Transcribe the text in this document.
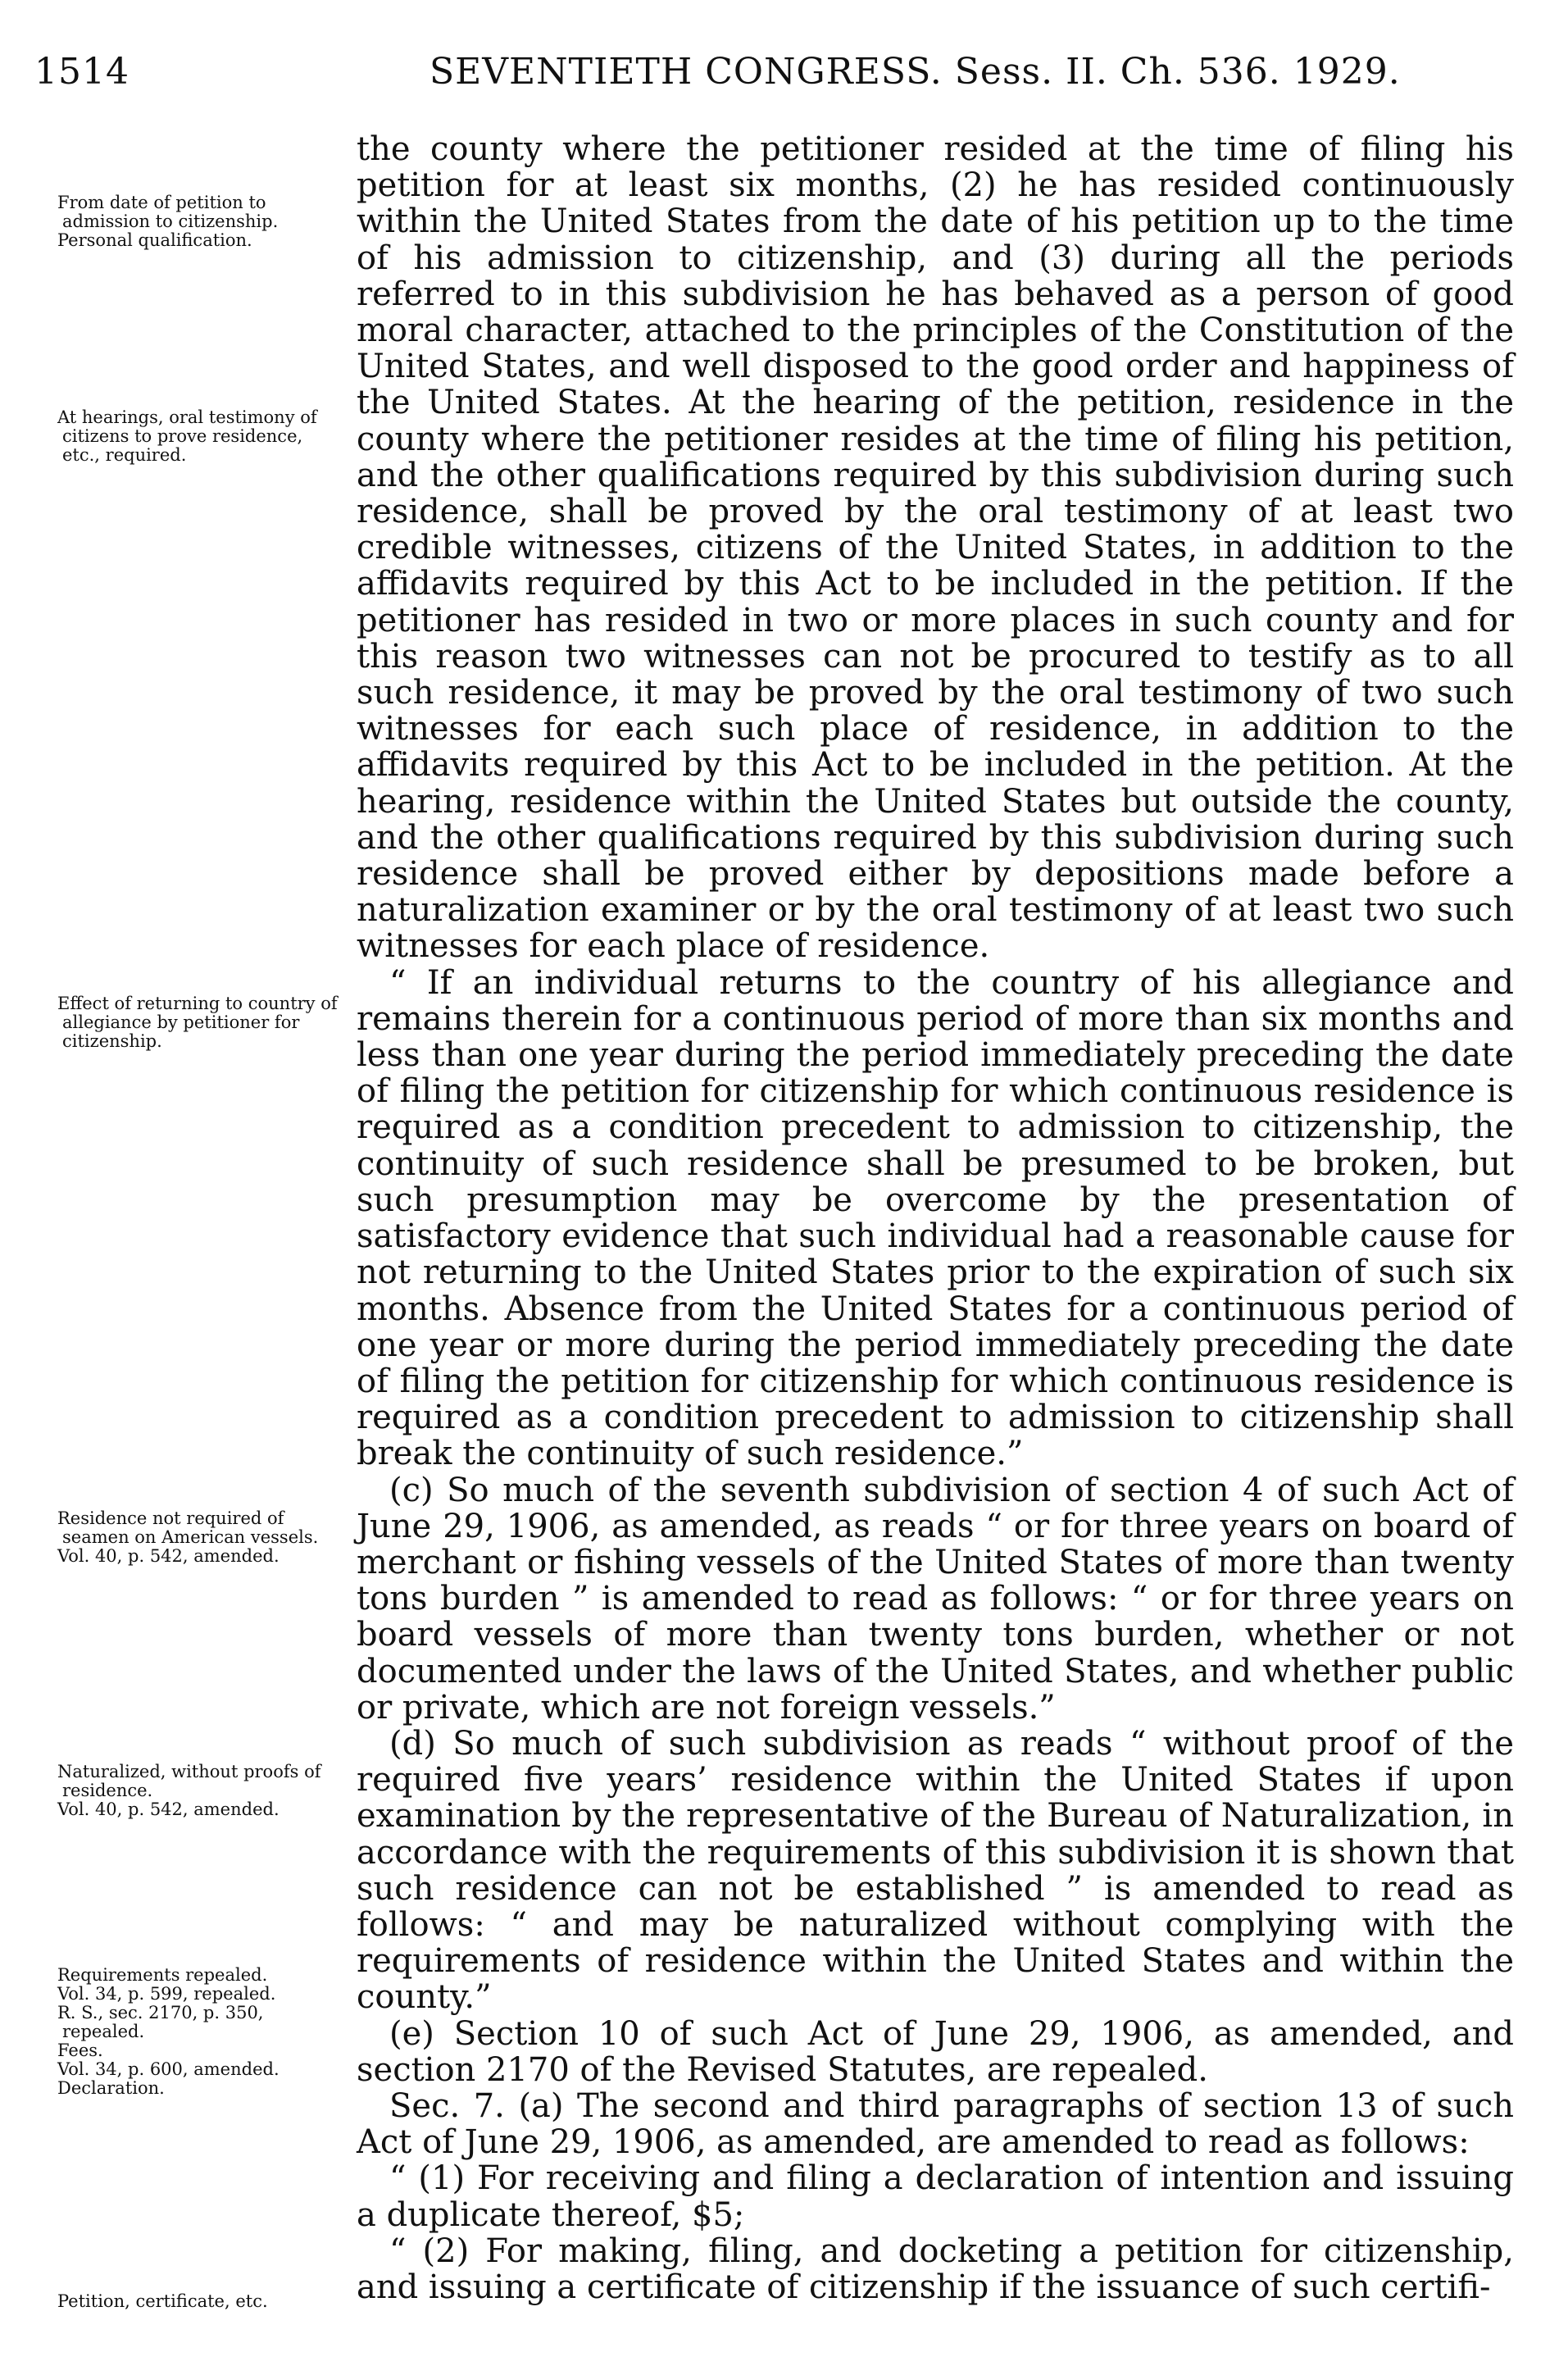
1514	SEVENTIETH CONGRESS. Sess. II. Ch. 536. 1929.
From date of petition to admission to citizenship.
Personal qualification.
At hearings, oral testimony of citizens to prove residence, etc., required.
Effect of returning to country of allegiance by petitioner for citizenship.
Residence not required of seamen on American vessels.
Vol. 40, p. 542, amended.
Naturalized, without proofs of residence.
Vol. 40, p. 542, amended.
Requirements repealed.
Vol. 34, p. 599, repealed.
R. S., sec. 2170, p. 350, repealed.
Fees.
Vol. 34, p. 600, amended.
Declaration.
Petition, certificate, etc.

the county where the petitioner resided at the time of filing his petition for at least six months, (2) he has resided continuously within the United States from the date of his petition up to the time of his admission to citizenship, and (3) during all the periods referred to in this subdivision he has behaved as a person of good moral character, attached to the principles of the Constitution of the United States, and well disposed to the good order and happiness of the United States. At the hearing of the petition, residence in the county where the petitioner resides at the time of filing his petition, and the other qualifications required by this subdivision during such residence, shall be proved by the oral testimony of at least two credible witnesses, citizens of the United States, in addition to the affidavits required by this Act to be included in the petition. If the petitioner has resided in two or more places in such county and for this reason two witnesses can not be procured to testify as to all such residence, it may be proved by the oral testimony of two such witnesses for each such place of residence, in addition to the affidavits required by this Act to be included in the petition. At the hearing, residence within the United States but outside the county, and the other qualifications required by this subdivision during such residence shall be proved either by depositions made before a naturalization examiner or by the oral testimony of at least two such witnesses for each place of residence.

“ If an individual returns to the country of his allegiance and remains therein for a continuous period of more than six months and less than one year during the period immediately preceding the date of filing the petition for citizenship for which continuous residence is required as a condition precedent to admission to citizenship, the continuity of such residence shall be presumed to be broken, but such presumption may be overcome by the presentation of satisfactory evidence that such individual had a reasonable cause for not returning to the United States prior to the expiration of such six months. Absence from the United States for a continuous period of one year or more during the period immediately preceding the date of filing the petition for citizenship for which continuous residence is required as a condition precedent to admission to citizenship shall break the continuity of such residence.”

(c) So much of the seventh subdivision of section 4 of such Act of June 29, 1906, as amended, as reads “ or for three years on board of merchant or fishing vessels of the United States of more than twenty tons burden ” is amended to read as follows: “ or for three years on board vessels of more than twenty tons burden, whether or not documented under the laws of the United States, and whether public or private, which are not foreign vessels.”

(d) So much of such subdivision as reads “ without proof of the required five years’ residence within the United States if upon examination by the representative of the Bureau of Naturalization, in accordance with the requirements of this subdivision it is shown that such residence can not be established ” is amended to read as follows: “ and may be naturalized without complying with the requirements of residence within the United States and within the county.”

(e) Section 10 of such Act of June 29, 1906, as amended, and section 2170 of the Revised Statutes, are repealed.

Sec. 7. (a) The second and third paragraphs of section 13 of such Act of June 29, 1906, as amended, are amended to read as follows:

“ (1) For receiving and filing a declaration of intention and issuing a duplicate thereof, $5;

“ (2) For making, filing, and docketing a petition for citizenship, and issuing a certificate of citizenship if the issuance of such certifi-
